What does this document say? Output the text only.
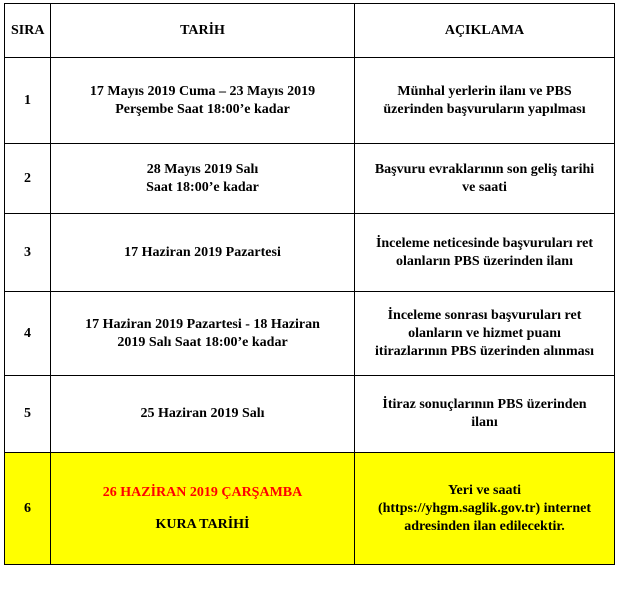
SIRA	TARİH	AÇIKLAMA
1	17 Mayıs 2019 Cuma – 23 Mayıs 2019
Perşembe Saat 18:00’e kadar	Münhal yerlerin ilanı ve PBS
üzerinden başvuruların yapılması

2	28 Mayıs 2019 Salı
Saat 18:00’e kadar	Başvuru evraklarının son geliş tarihi
ve saati

3	17 Haziran 2019 Pazartesi	İnceleme neticesinde başvuruları ret
olanların PBS üzerinden ilanı

4	17 Haziran 2019 Pazartesi - 18 Haziran
2019 Salı Saat 18:00’e kadar	İnceleme sonrası başvuruları ret
olanların ve hizmet puanı
itirazlarının PBS üzerinden alınması

5	25 Haziran 2019 Salı	İtiraz sonuçlarının PBS üzerinden
ilanı

6	26 HAZİRAN 2019 ÇARŞAMBA
KURA TARİHİ	Yeri ve saati
(https://yhgm.saglik.gov.tr) internet
adresinden ilan edilecektir.
